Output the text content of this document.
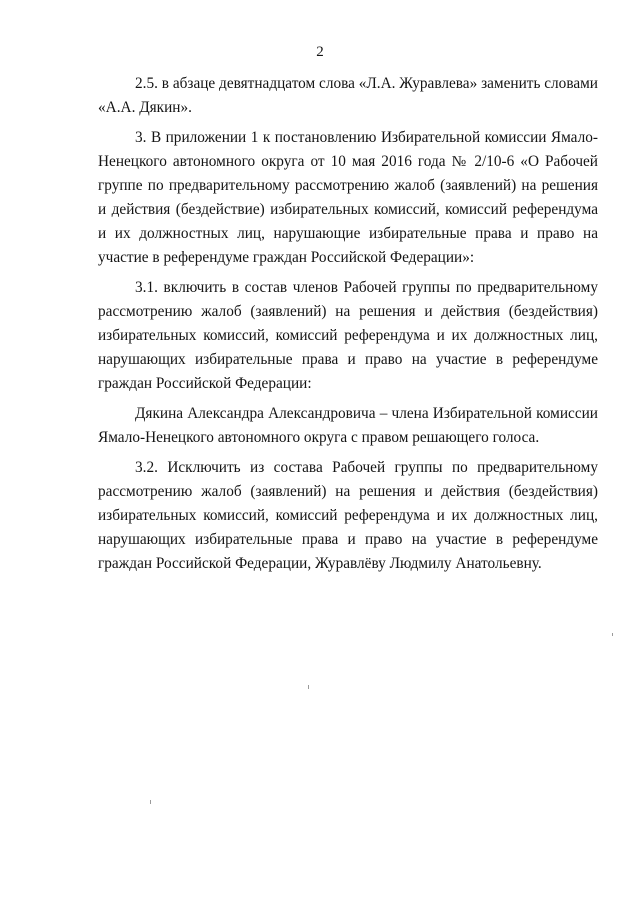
2

2.5. в абзаце девятнадцатом слова «Л.А. Журавлева» заменить словами «А.А. Дякин».

3. В приложении 1 к постановлению Избирательной комиссии Ямало-Ненецкого автономного округа от 10 мая 2016 года № 2/10-6 «О Рабочей группе по предварительному рассмотрению жалоб (заявлений) на решения и действия (бездействие) избирательных комиссий, комиссий референдума и их должностных лиц, нарушающие избирательные права и право на участие в референдуме граждан Российской Федерации»:

3.1. включить в состав членов Рабочей группы по предварительному рассмотрению жалоб (заявлений) на решения и действия (бездействия) избирательных комиссий, комиссий референдума и их должностных лиц, нарушающих избирательные права и право на участие в референдуме граждан Российской Федерации:

Дякина Александра Александровича – члена Избирательной комиссии Ямало-Ненецкого автономного округа с правом решающего голоса.

3.2. Исключить из состава Рабочей группы по предварительному рассмотрению жалоб (заявлений) на решения и действия (бездействия) избирательных комиссий, комиссий референдума и их должностных лиц, нарушающих избирательные права и право на участие в референдуме граждан Российской Федерации, Журавлёву Людмилу Анатольевну.
